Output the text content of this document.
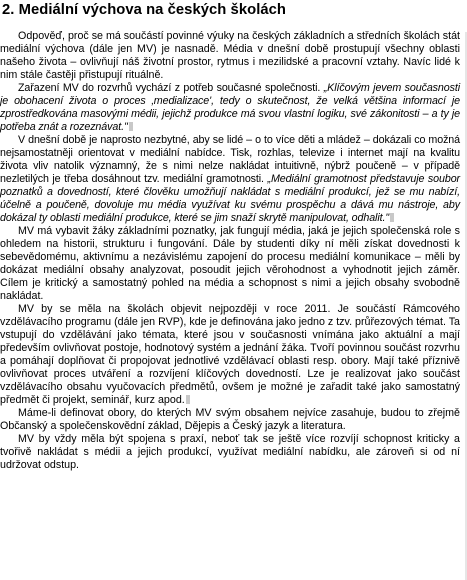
2. Mediální výchova na českých školách

Odpověď, proč se má součástí povinné výuky na českých základních a středních školách stát mediální výchova (dále jen MV) je nasnadě. Média v dnešní době prostupují všechny oblasti našeho života – ovlivňují náš životní prostor, rytmus i mezilidské a pracovní vztahy. Navíc lidé k nim stále častěji přistupují rituálně.

Zařazení MV do rozvrhů vychází z potřeb současné společnosti. „Klíčovým jevem současnosti je obohacení života o proces ‚medializace', tedy o skutečnost, že velká většina informací je zprostředkována masovými médii, jejichž produkce má svou vlastní logiku, své zákonitosti – a ty je potřeba znát a rozeznávat."

V dnešní době je naprosto nezbytné, aby se lidé – o to více děti a mládež – dokázali co možná nejsamostatněji orientovat v mediální nabídce. Tisk, rozhlas, televize i internet mají na kvalitu života vliv natolik významný, že s nimi nelze nakládat intuitivně, nýbrž poučeně – v případě nezletilých je třeba dosáhnout tzv. mediální gramotnosti. „Mediální gramotnost představuje soubor poznatků a dovedností, které člověku umožňují nakládat s mediální produkcí, jež se mu nabízí, účelně a poučeně, dovoluje mu média využívat ku svému prospěchu a dává mu nástroje, aby dokázal ty oblasti mediální produkce, které se jim snaží skrytě manipulovat, odhalit."

MV má vybavit žáky základními poznatky, jak fungují média, jaká je jejich společenská role s ohledem na historii, strukturu i fungování. Dále by studenti díky ní měli získat dovednosti k sebevědomému, aktivnímu a nezávislému zapojení do procesu mediální komunikace – měli by dokázat mediální obsahy analyzovat, posoudit jejich věrohodnost a vyhodnotit jejich záměr. Cílem je kritický a samostatný pohled na média a schopnost s nimi a jejich obsahy svobodně nakládat.

MV by se měla na školách objevit nejpozději v roce 2011. Je součástí Rámcového vzdělávacího programu (dále jen RVP), kde je definována jako jedno z tzv. průřezových témat. Ta vstupují do vzdělávání jako témata, které jsou v současnosti vnímána jako aktuální a mají především ovlivňovat postoje, hodnotový systém a jednání žáka. Tvoří povinnou součást rozvrhu a pomáhají doplňovat či propojovat jednotlivé vzdělávací oblasti resp. obory. Mají také příznivě ovlivňovat proces utváření a rozvíjení klíčových dovedností. Lze je realizovat jako součást vzdělávacího obsahu vyučovacích předmětů, ovšem je možné je zařadit také jako samostatný předmět či projekt, seminář, kurz apod.

Máme-li definovat obory, do kterých MV svým obsahem nejvíce zasahuje, budou to zřejmě Občanský a společenskovědní základ, Dějepis a Český jazyk a literatura.

MV by vždy měla být spojena s praxí, neboť tak se ještě více rozvíjí schopnost kriticky a tvořivě nakládat s médii a jejich produkcí, využívat mediální nabídku, ale zároveň si od ní udržovat odstup.
